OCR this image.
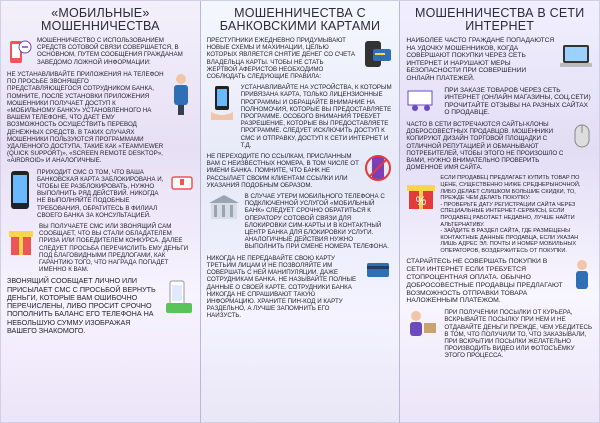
«МОБИЛЬНЫЕ» МОШЕННИЧЕСТВА
МОШЕННИЧЕСТВО С ИСПОЛЬЗОВАНИЕМ СРЕДСТВ СОТОВОЙ СВЯЗИ СОВЕРШАЕТСЯ, В ОСНОВНОМ, ПУТЕМ СООБЩЕНИЯ ГРАЖДАНАМ ЗАВЕДОМО ЛОЖНОЙ ИНФОРМАЦИИ:
НЕ УСТАНАВЛИВАЙТЕ ПРИЛОЖЕНИЯ НА ТЕЛЕФОН ПО ПРОСЬБЕ ЗВОНЯЩЕГО ПРЕДСТАВЛЯЮЩЕГОСЯ СОТРУДНИКОМ БАНКА, ПОМНИТЕ, ПОСЛЕ УСТАНОВКИ ПРИЛОЖЕНИЯ МОШЕННИКИ ПОЛУЧАЕТ ДОСТУП К «МОБИЛЬНОМУ БАНКУ» УСТАНОВЛЕННОГО НА ВАШЕМ ТЕЛЕФОНЕ, ЧТО ДАЕТ ЕМУ ВОЗМОЖНОСТЬ ОСУЩЕСТВИТЬ ПЕРЕВОД ДЕНЕЖНЫХ СРЕДСТВ. В ТАКИХ СЛУЧАЯХ МОШЕННИКИ ПОЛЬЗУЮТСЯ ПРОГРАММАМИ УДАЛЕННОГО ДОСТУПА, ТАКИЕ КАК «TEAMVIEWER (QUICK SUPPORT)», «SCREEN REMOTE DESKTOP», «AIRDROID» И АНАЛОГИЧНЫЕ.
ПРИХОДИТ СМС О ТОМ, ЧТО ВАША БАНКОВСКАЯ КАРТА ЗАБЛОКИРОВАНА И, ЧТОБЫ ЕЕ РАЗБЛОКИРОВАТЬ, НУЖНО ВЫПОЛНИТЬ РЯД ДЕЙСТВИЙ. НИКОГДА НЕ ВЫПОЛНЯЙТЕ ПОДОБНЫЕ ТРЕБОВАНИЯ, ОБРАТИТЕСЬ В ФИЛИАЛ СВОЕГО БАНКА ЗА КОНСУЛЬТАЦИЕЙ.
ВЫ ПОЛУЧАЕТЕ СМС ИЛИ ЗВОНЯЩИЙ САМ СООБЩАЕТ, ЧТО ВЫ СТАЛИ ОБЛАДАТЕЛЕМ ПРИЗА ИЛИ ПОБЕДИТЕЛЕМ КОНКУРСА. ДАЛЕЕ СЛЕДУЕТ ПРОСЬБА ПЕРЕЧИСЛИТЬ ЕМУ ДЕНЬГИ ПОД БЛАГОВИДНЫМИ ПРЕДЛОГАМИ, КАК ГАРАНТИЮ ТОГО, ЧТО НАГРАДА ПОПАДЕТ ИМЕННО К ВАМ.
ЗВОНЯЩИЙ СООБЩАЕТ ЛИЧНО ИЛИ ПРИСЫЛАЕТ СМС С ПРОСЬБОЙ ВЕРНУТЬ ДЕНЬГИ, КОТОРЫЕ ВАМ ОШИБОЧНО ПЕРЕЧИСЛЕНЫ, ЛИБО ПРОСИТ СРОЧНО ПОПОЛНИТЬ БАЛАНС ЕГО ТЕЛЕФОНА НА НЕБОЛЬШУЮ СУММУ ИЗОБРАЖАЯ ВАШЕГО ЗНАКОМОГО.
МОШЕННИЧЕСТВА С БАНКОВСКИМИ КАРТАМИ
ПРЕСТУПНИКИ ЕЖЕДНЕВНО ПРИДУМЫВАЮТ НОВЫЕ СХЕМЫ И МАХИНАЦИИ, ЦЕЛЬЮ КОТОРЫХ ЯВЛЯЕТСЯ СНЯТИЕ ДЕНЕГ СО СЧЕТА ВЛАДЕЛЬЦА КАРТЫ. ЧТОБЫ НЕ СТАТЬ ЖЕРТВОЙ АФЕРИСТОВ НЕОБХОДИМО СОБЛЮДАТЬ СЛЕДУЮЩИЕ ПРАВИЛА:
УСТАНАВЛИВАЙТЕ НА УСТРОЙСТВА, К КОТОРЫМ ПРИВЯЗАНА КАРТА, ТОЛЬКО ЛИЦЕНЗИОННЫЕ ПРОГРАММЫ И ОБРАЩАЙТЕ ВНИМАНИЕ НА ПОЛНОМОЧИЯ, КОТОРЫЕ ВЫ ПРЕДОСТАВЛЯЕТЕ ПРОГРАММЕ. ОСОБОГО ВНИМАНИЯ ТРЕБУЕТ РАЗРЕШЕНИЕ, КОТОРЫЕ ВЫ ПРЕДОСТАВЛЯЕТЕ ПРОГРАММЕ. СЛЕДУЕТ ИСКЛЮЧИТЬ ДОСТУП К СМС И ОТПРАВКУ, ДОСТУП К СЕТИ ИНТЕРНЕТ И Т.Д.
НЕ ПЕРЕХОДИТЕ ПО ССЫЛКАМ, ПРИСЛАННЫМ ВАМ С НЕИЗВЕСТНЫХ НОМЕРА, В ТОМ ЧИСЛЕ ОТ ИМЕНИ БАНКА. ПОМНИТЕ, ЧТО БАНК НЕ РАССЫЛАЕТ СВОИМ КЛИЕНТАМ ССЫЛКИ ИЛИ УКАЗАНИЯ ПОДОБНЫМ ОБРАЗОМ.
В СЛУЧАЕ УТЕРИ МОБИЛЬНОГО ТЕЛЕФОНА С ПОДКЛЮЧЕННОЙ УСЛУГОЙ «МОБИЛЬНЫЙ БАНК» СЛЕДУЕТ СРОЧНО ОБРАТИТЬСЯ К ОПЕРАТОРУ СОТОВОЙ СВЯЗИ ДЛЯ БЛОКИРОВКИ СИМ-КАРТЫ И В КОНТАКТНЫЙ ЦЕНТР БАНКА ДЛЯ БЛОКИРОВКИ УСЛУГИ. АНАЛОГИЧНЫЕ ДЕЙСТВИЯ НУЖНО ВЫПОЛНИТЬ ПРИ СМЕНЕ НОМЕРА ТЕЛЕФОНА.
НИКОГДА НЕ ПЕРЕДАВАЙТЕ СВОЮ КАРТУ ТРЕТЬИМ ЛИЦАМ И НЕ ПОЗВОЛЯЙТЕ ИМ СОВЕРШАТЬ С НЕЙ МАНИПУЛЯЦИИ. ДАЖЕ СОТРУДНИКАМ БАНКА. НЕ НАЗЫВАЙТЕ ПОЛНЫЕ ДАННЫЕ О СВОЕЙ КАРТЕ. СОТРУДНИКИ БАНКА НИКОГДА НЕ СПРАШИВАЮТ ТАКУЮ ИНФОРМАЦИЮ. ХРАНИТЕ ПИН-КОД И КАРТУ РАЗДЕЛЬНО, А ЛУЧШЕ ЗАПОМНИТЬ ЕГО НАИЗУСТЬ.
МОШЕННИЧЕСТВА В СЕТИ ИНТЕРНЕТ
НАИБОЛЕЕ ЧАСТО ГРАЖДАНЕ ПОПАДАЮТСЯ НА УДОЧКУ МОШЕННИКОВ, КОГДА СОВЕРШАЮТ ПОКУПКИ ЧЕРЕЗ СЕТЬ ИНТЕРНЕТ И НАРУШАЮТ МЕРЫ БЕЗОПАСНОСТИ ПРИ СОВЕРШЕНИИ ОНЛАЙН ПЛАТЕЖЕЙ.
ПРИ ЗАКАЗЕ ТОВАРОВ ЧЕРЕЗ СЕТЬ ИНТЕРНЕТ (ОНЛАЙН МАГАЗИНЫ, СОЦ.СЕТИ) ПРОЧИТАЙТЕ ОТЗЫВЫ НА РАЗНЫХ САЙТАХ О ПРОДАВЦЕ.
ЧАСТО В СЕТИ ВСТРЕЧАЮТСЯ САЙТЫ-КЛОНЫ ДОБРОСОВЕСТНЫХ ПРОДАВЦОВ. МОШЕННИКИ КОПИРУЮТ ДИЗАЙН ТОРГОВОЙ ПЛОЩАДКИ С ОТЛИЧНОЙ РЕПУТАЦИЕЙ И ОБМАНЫВАЮТ ПОТРЕБИТЕЛЕЙ, ЧТОБЫ ЭТОГО НЕ ПРОИЗОШЛО С ВАМИ, НУЖНО ВНИМАТЕЛЬНО ПРОВЕРИТЬ ДОМЕННОЕ ИМЯ САЙТА.
%
ЕСЛИ ПРОДАВЕЦ ПРЕДЛАГАЕТ КУПИТЬ ТОВАР ПО ЦЕНЕ, СУЩЕСТВЕННО НИЖЕ СРЕДНЕРЫНОЧНОЙ, ЛИБО ДЕЛАЕТ СЛИШКОМ БОЛЬШИЕ СКИДКИ, ТО, ПРЕЖДЕ ЧЕМ ДЕЛАТЬ ПОКУПКУ:
- ПРОВЕРЬТЕ ДАТУ РЕГИСТРАЦИИ САЙТА ЧЕРЕЗ СПЕЦИАЛЬНЫЕ ИНТЕРНЕТ-СЕРВИСЫ, ЕСЛИ ПРОДАВЕЦ РАБОТАЕТ НЕДАВНО, ЛУЧШЕ НАЙТИ АЛЬТЕРНАТИВУ.
- ЗАЙДИТЕ В РАЗДЕЛ САЙТА, ГДЕ РАЗМЕЩЕНЫ КОНТАКТНЫЕ ДАННЫЕ ПРОДАВЦА, ЕСЛИ УКАЗАН ЛИШЬ АДРЕС ЭЛ. ПОЧТЫ И НОМЕР МОБИЛЬНЫХ ОПЕРАТОРОВ, ВОЗДЕРЖИТЕСЬ ОТ ПОКУПКИ.
СТАРАЙТЕСЬ НЕ СОВЕРШАТЬ ПОКУПКИ В СЕТИ ИНТЕРНЕТ ЕСЛИ ТРЕБУЕТСЯ СТОПРОЦЕНТНАЯ ОПЛАТА. ОБЫЧНО ДОБРОСОВЕСТНЫЕ ПРОДАВЦЫ ПРЕДЛАГАЮТ ВОЗМОЖНОСТЬ ОТПРАВКИ ТОВАРА НАЛОЖЕННЫМ ПЛАТЕЖОМ.
ПРИ ПОЛУЧЕНИИ ПОСЫЛКИ ОТ КУРЬЕРА, ВСКРЫВАЙТЕ ПОСЫЛКУ ПРИ НЕМ И НЕ ОТДАВАЙТЕ ДЕНЬГИ ПРЕЖДЕ, ЧЕМ УБЕДИТЕСЬ В ТОМ, ЧТО ПОЛУЧИЛИ ТО, ЧТО ЗАКАЗЫВАЛИ, ПРИ ВСКРЫТИИ ПОСЫЛКИ ЖЕЛАТЕЛЬНО ПРОИЗВОДИТЬ ВИДЕО ИЛИ ФОТОСЪЁМКУ ЭТОГО ПРОЦЕССА.
